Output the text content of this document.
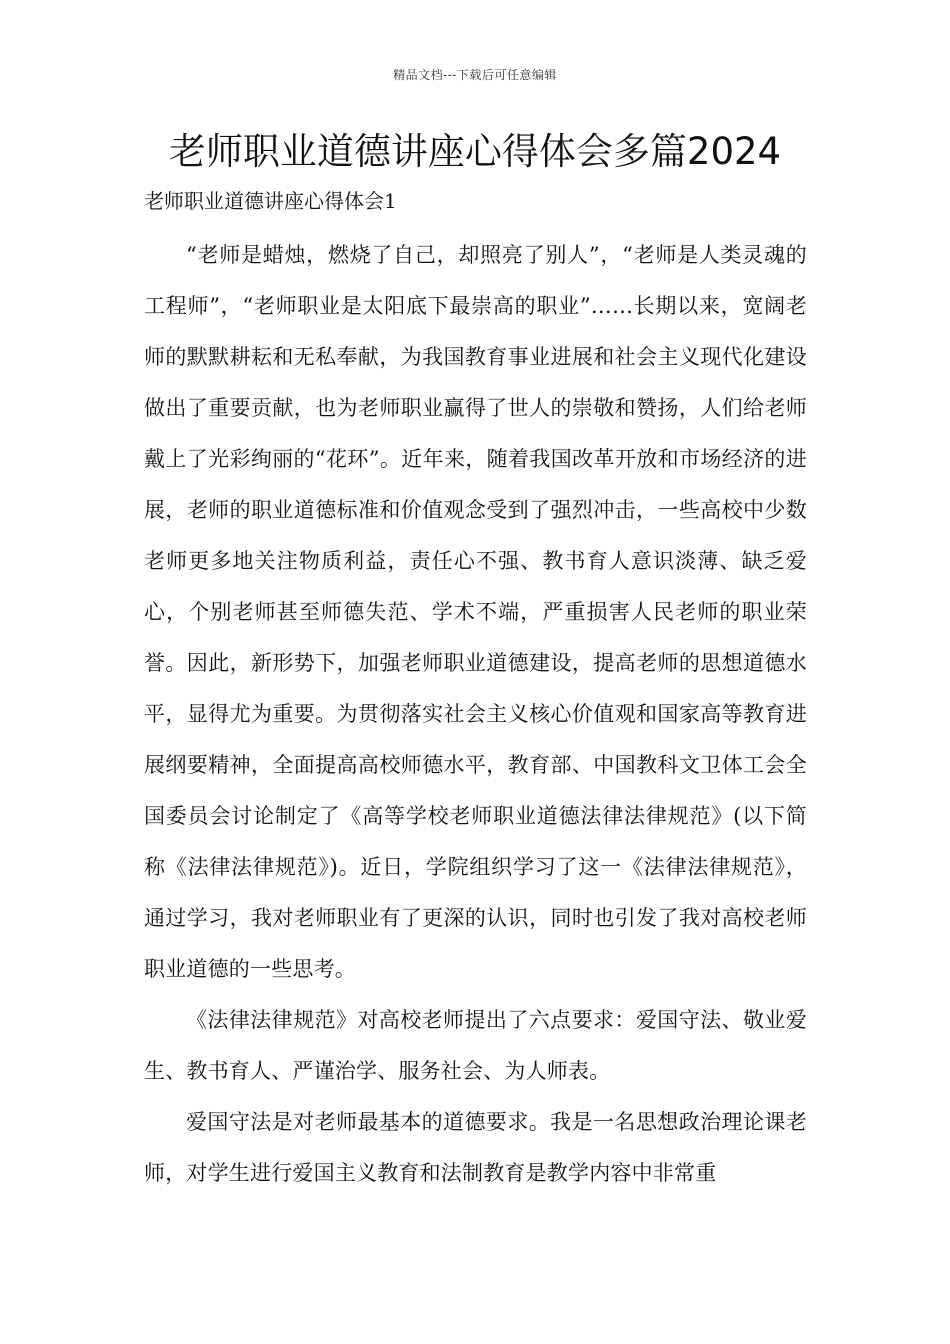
精品文档---下载后可任意编辑
老师职业道德讲座心得体会多篇2024

老师职业道德讲座心得体会1

“老师是蜡烛，燃烧了自己，却照亮了别人”，“老师是人类灵魂的工程师”，“老师职业是太阳底下最崇高的职业”……长期以来，宽阔老师的默默耕耘和无私奉献，为我国教育事业进展和社会主义现代化建设做出了重要贡献，也为老师职业赢得了世人的崇敬和赞扬，人们给老师戴上了光彩绚丽的“花环”。近年来，随着我国改革开放和市场经济的进展，老师的职业道德标准和价值观念受到了强烈冲击，一些高校中少数老师更多地关注物质利益，责任心不强、教书育人意识淡薄、缺乏爱心，个别老师甚至师德失范、学术不端，严重损害人民老师的职业荣誉。因此，新形势下，加强老师职业道德建设，提高老师的思想道德水平，显得尤为重要。为贯彻落实社会主义核心价值观和国家高等教育进展纲要精神，全面提高高校师德水平，教育部、中国教科文卫体工会全国委员会讨论制定了《高等学校老师职业道德法律法律规范》(以下简称《法律法律规范》)。近日，学院组织学习了这一《法律法律规范》，通过学习，我对老师职业有了更深的认识，同时也引发了我对高校老师职业道德的一些思考。

《法律法律规范》对高校老师提出了六点要求：爱国守法、敬业爱生、教书育人、严谨治学、服务社会、为人师表。

爱国守法是对老师最基本的道德要求。我是一名思想政治理论课老师，对学生进行爱国主义教育和法制教育是教学内容中非常重
